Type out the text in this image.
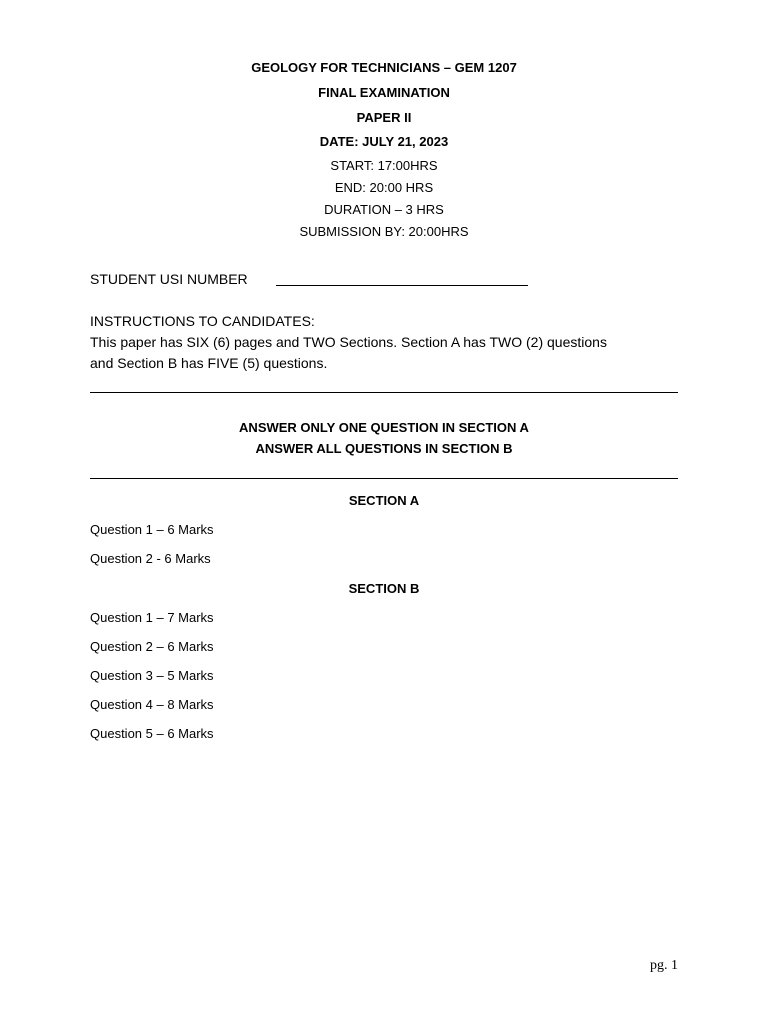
GEOLOGY FOR TECHNICIANS – GEM 1207
FINAL EXAMINATION
PAPER II
DATE: JULY 21, 2023
START: 17:00HRS
END: 20:00 HRS
DURATION – 3 HRS
SUBMISSION BY: 20:00HRS
STUDENT USI NUMBER
INSTRUCTIONS TO CANDIDATES:
This paper has SIX (6) pages and TWO Sections. Section A has TWO (2) questions
and Section B has FIVE (5) questions.
ANSWER ONLY ONE QUESTION IN SECTION A
ANSWER ALL QUESTIONS IN SECTION B
SECTION A
Question 1 – 6 Marks
Question 2 - 6 Marks
SECTION B
Question 1 – 7 Marks
Question 2 – 6 Marks
Question 3 – 5 Marks
Question 4 – 8 Marks
Question 5 – 6 Marks
pg. 1
